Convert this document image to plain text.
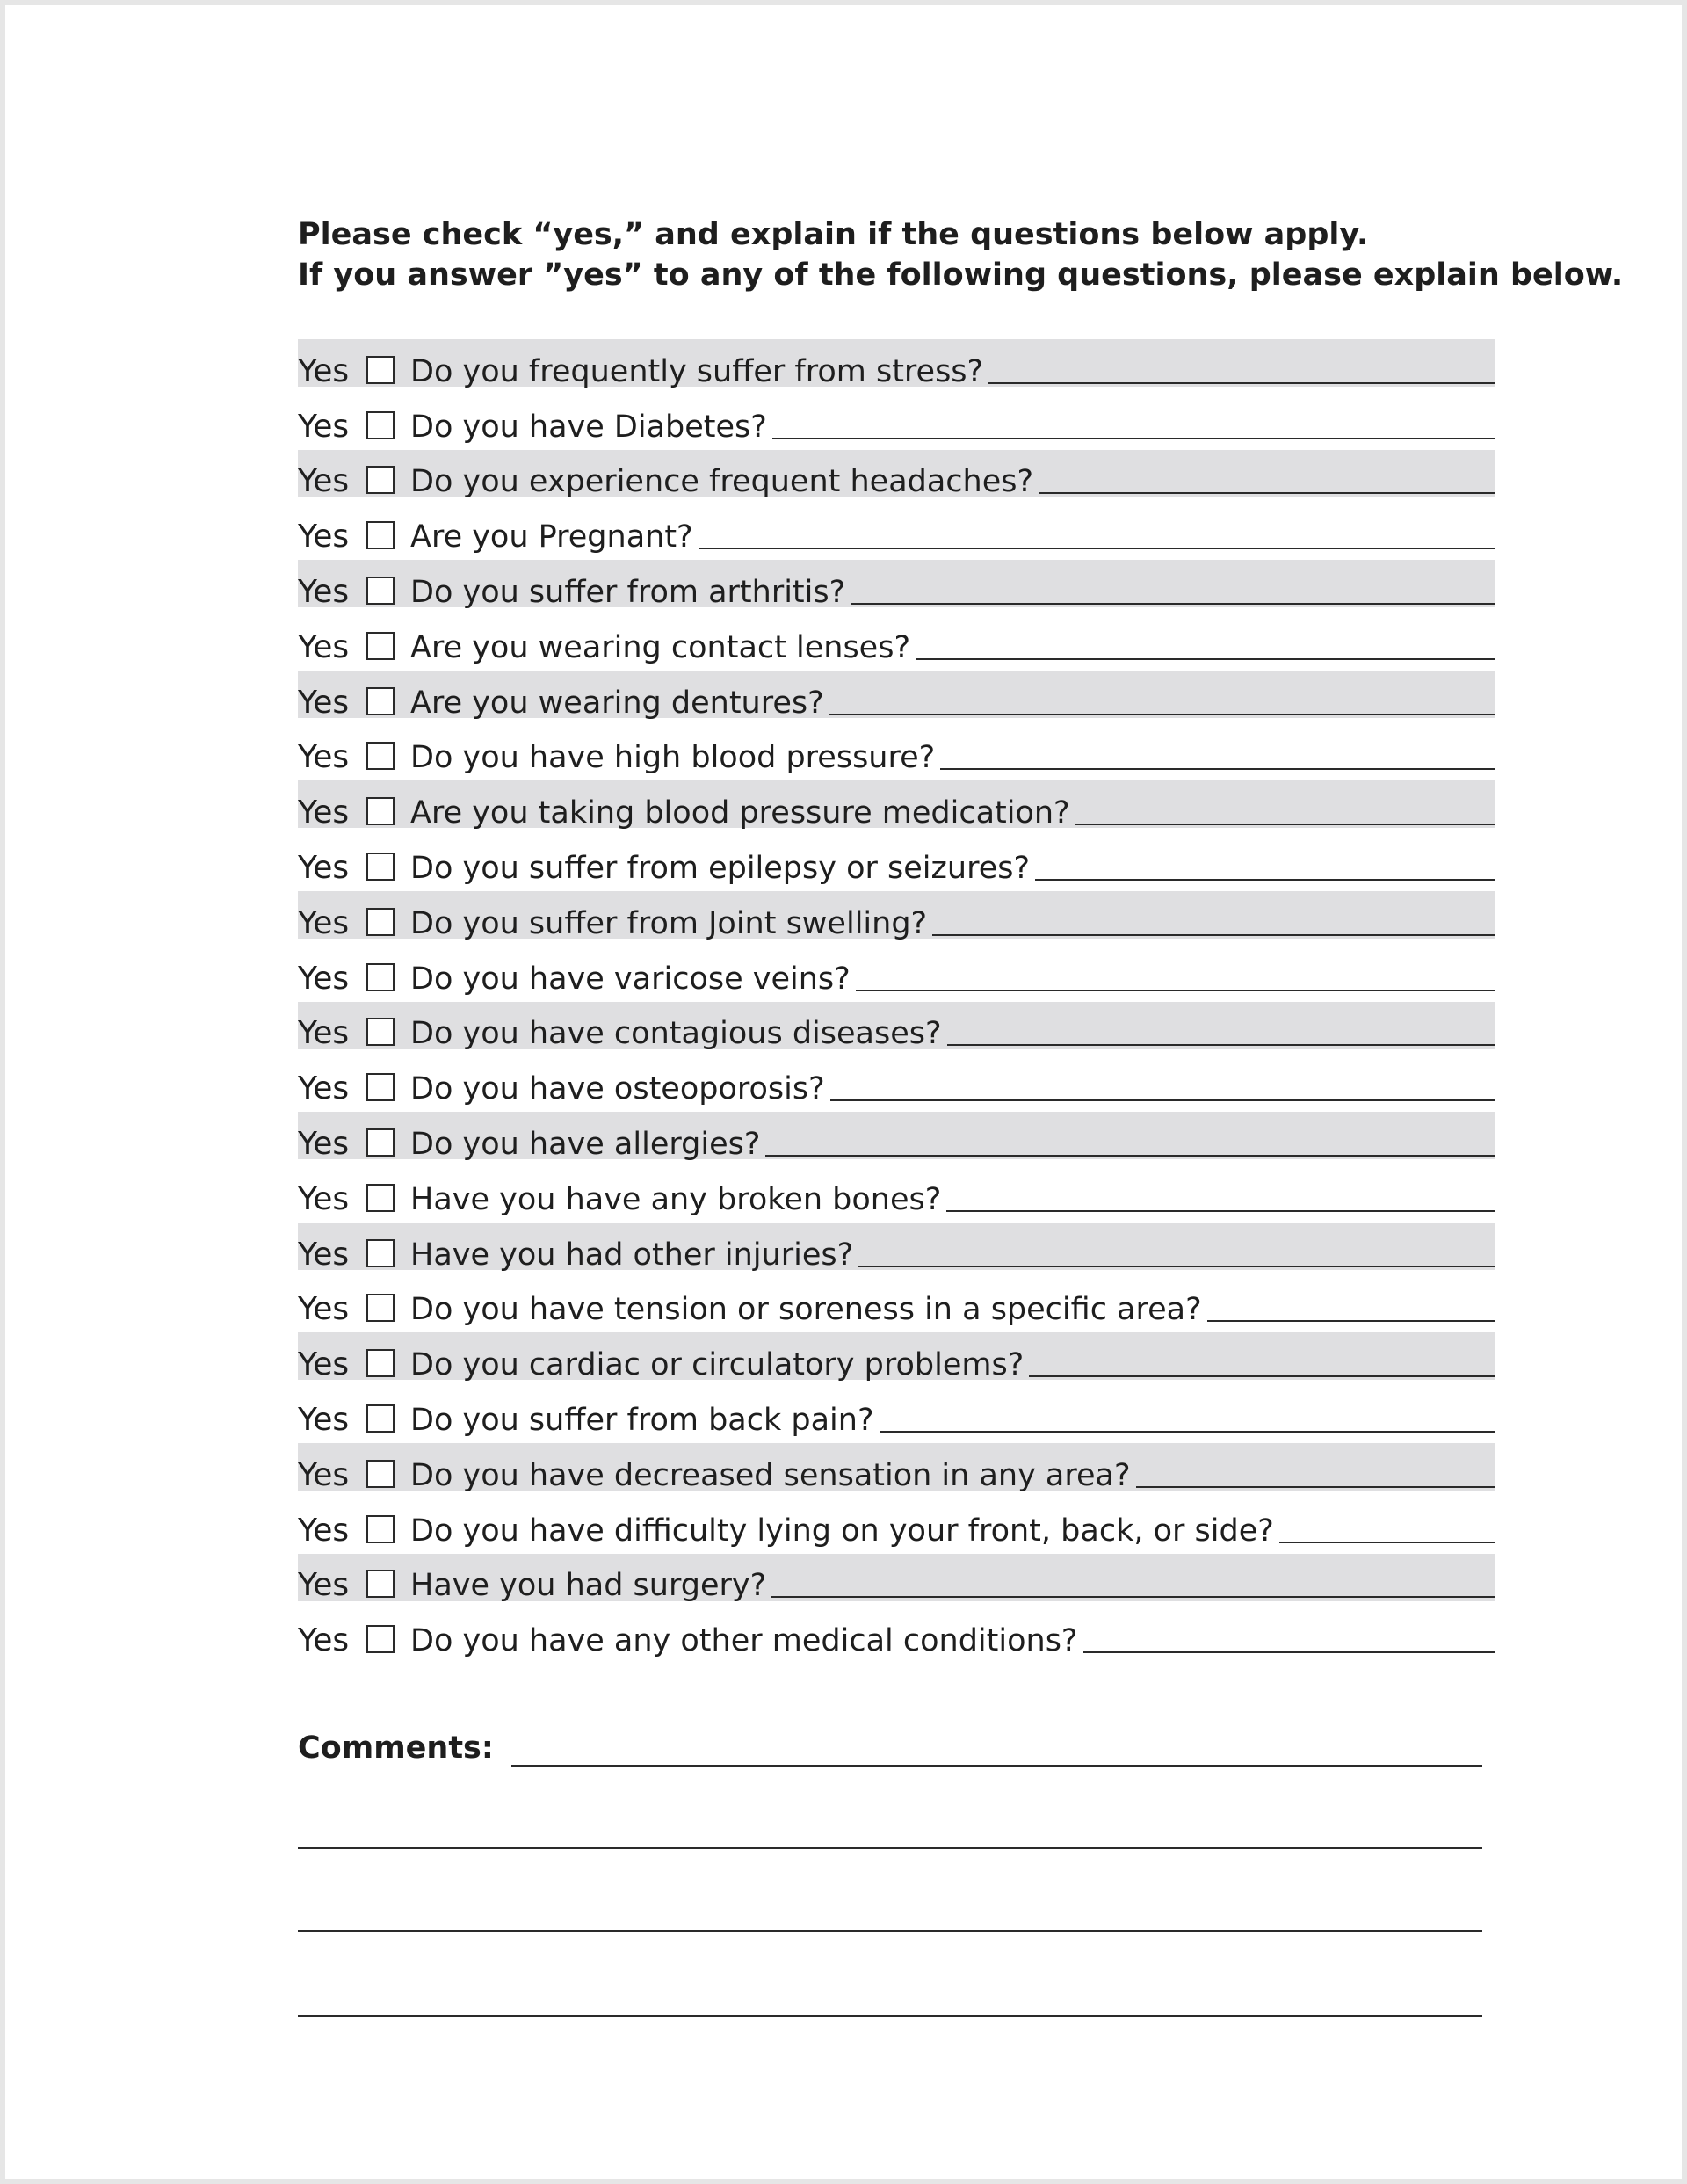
Please check “yes,” and explain if the questions below apply.
If you answer ”yes” to any of the following questions, please explain below.
Yes	Do you frequently suffer from stress?
Yes	Do you have Diabetes?
Yes	Do you experience frequent headaches?
Yes	Are you Pregnant?
Yes	Do you suffer from arthritis?
Yes	Are you wearing contact lenses?
Yes	Are you wearing dentures?
Yes	Do you have high blood pressure?
Yes	Are you taking blood pressure medication?
Yes	Do you suffer from epilepsy or seizures?
Yes	Do you suffer from Joint swelling?
Yes	Do you have varicose veins?
Yes	Do you have contagious diseases?
Yes	Do you have osteoporosis?
Yes	Do you have allergies?
Yes	Have you have any broken bones?
Yes	Have you had other injuries?
Yes	Do you have tension or soreness in a specific area?
Yes	Do you cardiac or circulatory problems?
Yes	Do you suffer from back pain?
Yes	Do you have decreased sensation in any area?
Yes	Do you have difficulty lying on your front, back, or side?
Yes	Have you had surgery?
Yes	Do you have any other medical conditions?
Comments:
